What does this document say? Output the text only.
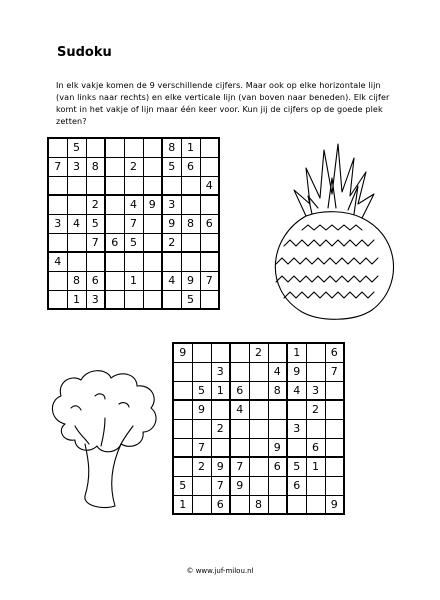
Sudoku

In elk vakje komen de 9 verschillende cijfers. Maar ook op elke horizontale lijn

(van links naar rechts) en elke verticale lijn (van boven naar beneden). Elk cijfer

komt in het vakje of lijn maar één keer voor. Kun jij de cijfers op de goede plek

zetten?

	5					8	1	
7	3	8		2		5	6	
								4
		2		4	9	3		
3	4	5		7		9	8	6
		7	6	5		2		
4								
	8	6		1		4	9	7
	1	3					5	
9				2		1		6
		3			4	9		7
	5	1	6		8	4	3	
	9		4				2	
		2				3		
	7				9		6	
	2	9	7		6	5	1	
5		7	9			6		
1		6		8				9
© www.juf-milou.nl
